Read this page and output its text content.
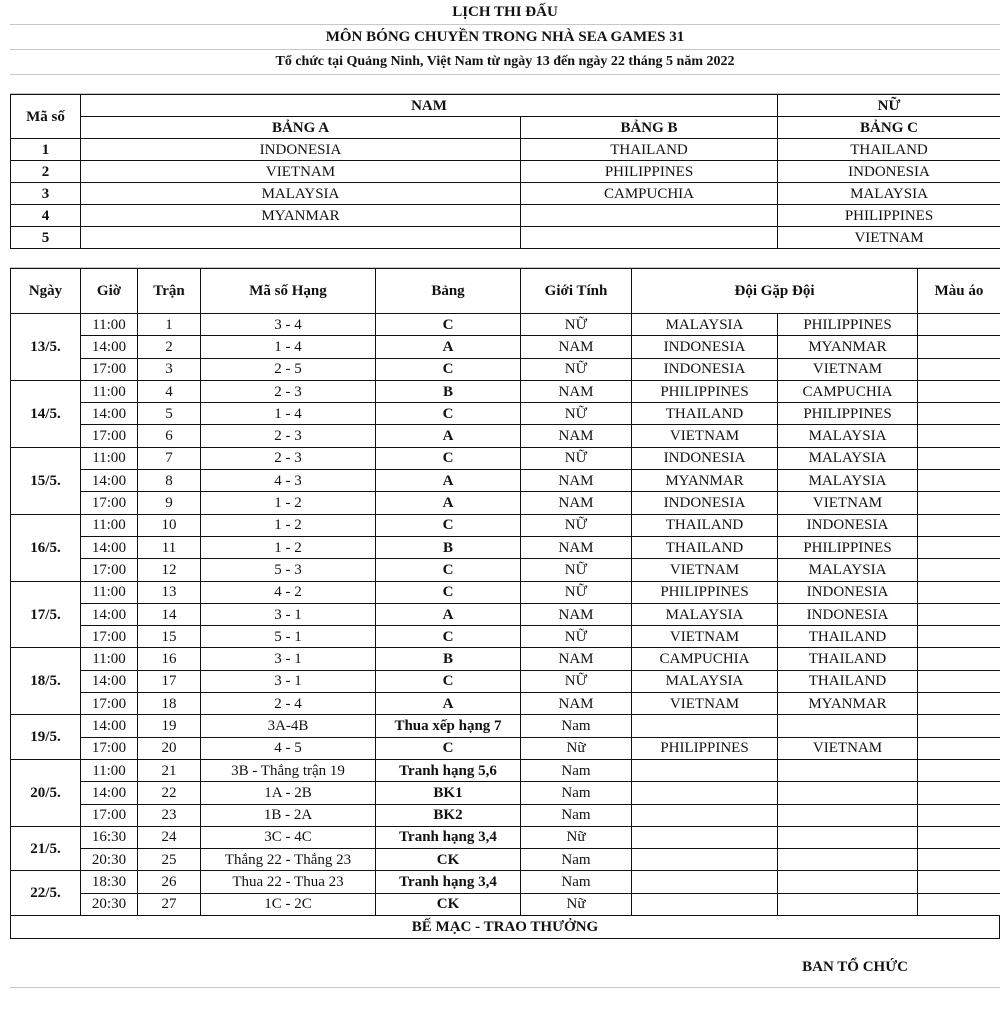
LỊCH THI ĐẤU
MÔN BÓNG CHUYỀN TRONG NHÀ SEA GAMES 31
Tổ chức tại Quảng Ninh, Việt Nam từ ngày 13 đến ngày 22 tháng 5 năm 2022
Mã số	NAM		NỮ
	BẢNG A	BẢNG B	BẢNG C
1	INDONESIA	THAILAND	THAILAND
2	VIETNAM	PHILIPPINES	INDONESIA
3	MALAYSIA	CAMPUCHIA	MALAYSIA
4	MYANMAR		PHILIPPINES
5			VIETNAM
Ngày	Giờ	Trận	Mã số Hạng	Bảng	Giới Tính	Đội Gặp Đội		Màu áo
13/5.	11:00	1	3 - 4	C	NỮ	MALAYSIA	PHILIPPINES	
	14:00	2	1 - 4	A	NAM	INDONESIA	MYANMAR	
	17:00	3	2 - 5	C	NỮ	INDONESIA	VIETNAM	
14/5.	11:00	4	2 - 3	B	NAM	PHILIPPINES	CAMPUCHIA	
	14:00	5	1 - 4	C	NỮ	THAILAND	PHILIPPINES	
	17:00	6	2 - 3	A	NAM	VIETNAM	MALAYSIA	
15/5.	11:00	7	2 - 3	C	NỮ	INDONESIA	MALAYSIA	
	14:00	8	4 - 3	A	NAM	MYANMAR	MALAYSIA	
	17:00	9	1 - 2	A	NAM	INDONESIA	VIETNAM	
16/5.	11:00	10	1 - 2	C	NỮ	THAILAND	INDONESIA	
	14:00	11	1 - 2	B	NAM	THAILAND	PHILIPPINES	
	17:00	12	5 - 3	C	NỮ	VIETNAM	MALAYSIA	
17/5.	11:00	13	4 - 2	C	NỮ	PHILIPPINES	INDONESIA	
	14:00	14	3 - 1	A	NAM	MALAYSIA	INDONESIA	
	17:00	15	5 - 1	C	NỮ	VIETNAM	THAILAND	
18/5.	11:00	16	3 - 1	B	NAM	CAMPUCHIA	THAILAND	
	14:00	17	3 - 1	C	NỮ	MALAYSIA	THAILAND	
	17:00	18	2 - 4	A	NAM	VIETNAM	MYANMAR	
19/5.	14:00	19	3A-4B	Thua xếp hạng 7	Nam			
	17:00	20	4 - 5	C	Nữ	PHILIPPINES	VIETNAM	
20/5.	11:00	21	3B - Thắng trận 19	Tranh hạng 5,6	Nam			
	14:00	22	1A - 2B	BK1	Nam			
	17:00	23	1B - 2A	BK2	Nam			
21/5.	16:30	24	3C - 4C	Tranh hạng 3,4	Nữ			
	20:30	25	Thắng 22 - Thắng 23	CK	Nam			
22/5.	18:30	26	Thua 22 - Thua 23	Tranh hạng 3,4	Nam			
	20:30	27	1C - 2C	CK	Nữ			
BẾ MẠC - TRAO THƯỞNG
BAN TỔ CHỨC
